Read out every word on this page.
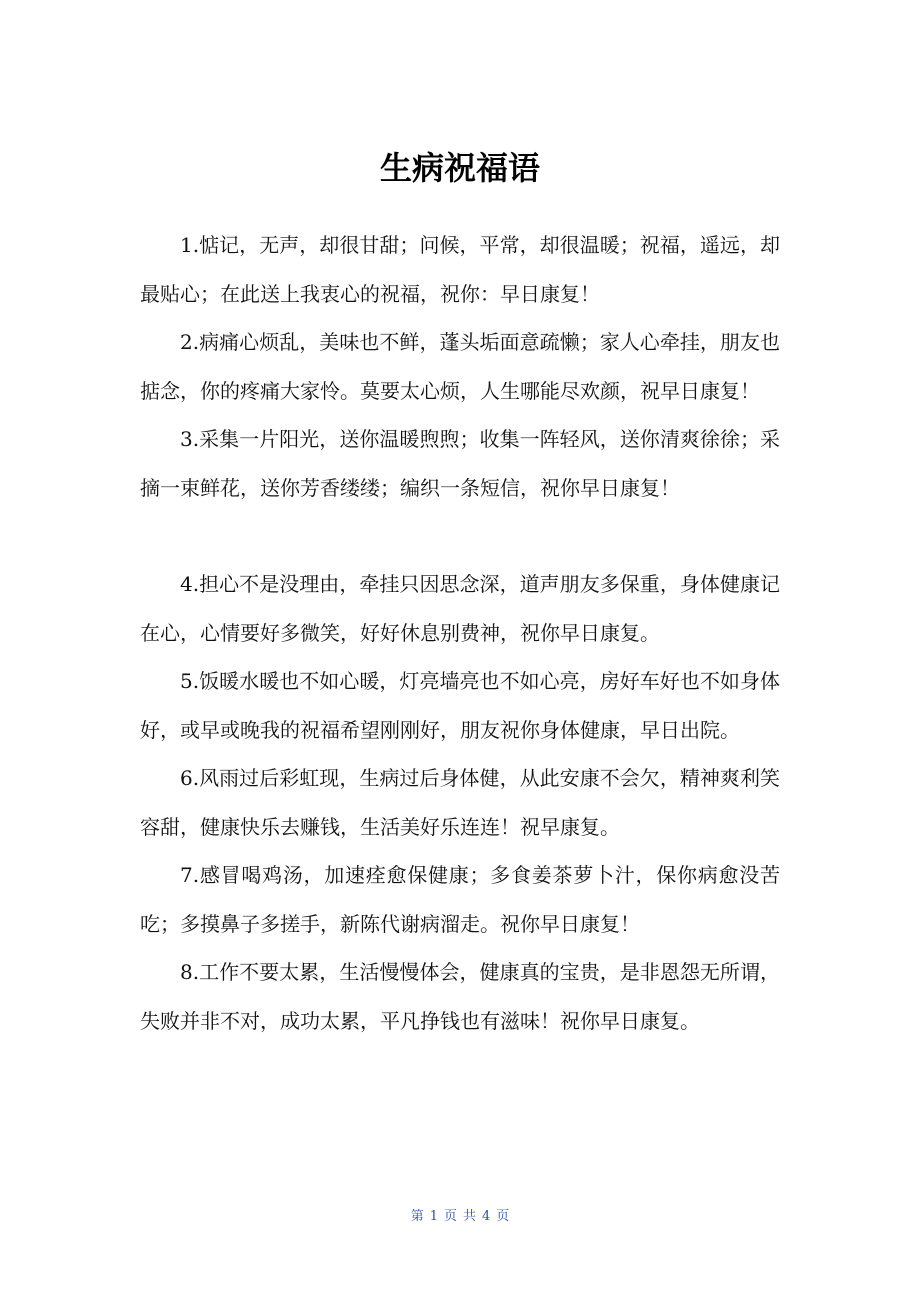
生病祝福语

1.惦记，无声，却很甘甜；问候，平常，却很温暖；祝福，遥远，却最贴心；在此送上我衷心的祝福，祝你：早日康复！

2.病痛心烦乱，美味也不鲜，蓬头垢面意疏懒；家人心牵挂，朋友也掂念，你的疼痛大家怜。莫要太心烦，人生哪能尽欢颜，祝早日康复！

3.采集一片阳光，送你温暖煦煦；收集一阵轻风，送你清爽徐徐；采摘一束鲜花，送你芳香缕缕；编织一条短信，祝你早日康复！

4.担心不是没理由，牵挂只因思念深，道声朋友多保重，身体健康记在心，心情要好多微笑，好好休息别费神，祝你早日康复。

5.饭暖水暖也不如心暖，灯亮墙亮也不如心亮，房好车好也不如身体好，或早或晚我的祝福希望刚刚好，朋友祝你身体健康，早日出院。

6.风雨过后彩虹现，生病过后身体健，从此安康不会欠，精神爽利笑容甜，健康快乐去赚钱，生活美好乐连连！祝早康复。

7.感冒喝鸡汤，加速痊愈保健康；多食姜茶萝卜汁，保你病愈没苦吃；多摸鼻子多搓手，新陈代谢病溜走。祝你早日康复！

8.工作不要太累，生活慢慢体会，健康真的宝贵，是非恩怨无所谓，失败并非不对，成功太累，平凡挣钱也有滋味！祝你早日康复。

第 1 页 共 4 页
